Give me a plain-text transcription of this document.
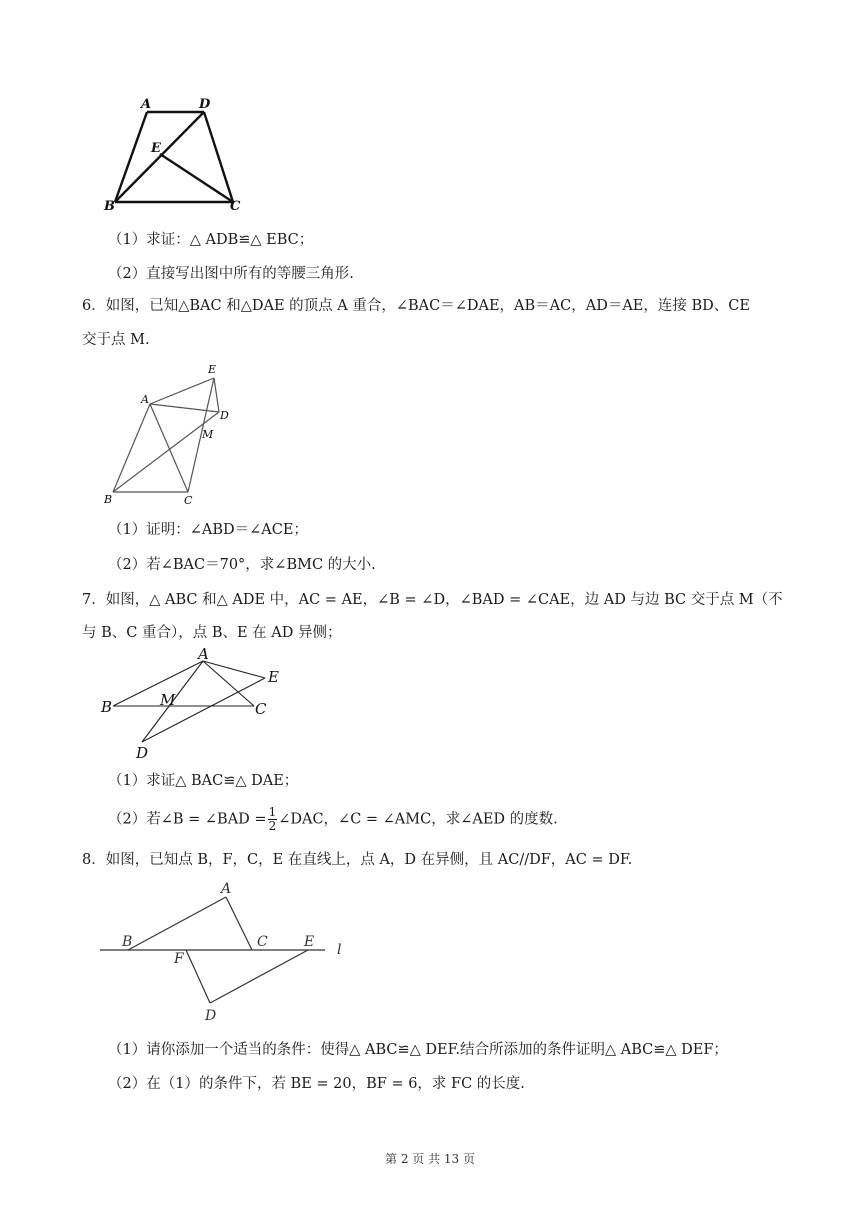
A	D
E
B	C
（1）求证：△ ADB≌△ EBC；
（2）直接写出图中所有的等腰三角形.
6．如图，已知△BAC 和△DAE 的顶点 A 重合，∠BAC＝∠DAE，AB＝AC，AD＝AE，连接 BD、CE
交于点 M.
A
E
D
M
B	C
（1）证明：∠ABD＝∠ACE；
（2）若∠BAC＝70°，求∠BMC 的大小.
7．如图，△ ABC 和△ ADE 中，AC = AE，∠B = ∠D，∠BAD = ∠CAE，边 AD 与边 BC 交于点 M（不
与 B、C 重合），点 B、E 在 AD 异侧；
A
E
B	M	C
D
（1）求证△ BAC≌△ DAE；
（2）若∠B = ∠BAD = $\frac{1}{2}$ ∠DAC，∠C = ∠AMC，求∠AED 的度数.
8．如图，已知点 B，F，C，E 在直线上，点 A，D 在异侧，且 AC//DF，AC = DF.
A
B	C	E
F
l
D
（1）请你添加一个适当的条件：使得△ ABC≌△ DEF.结合所添加的条件证明△ ABC≌△ DEF；
（2）在（1）的条件下，若 BE = 20，BF = 6，求 FC 的长度.
第 2 页 共 13 页
